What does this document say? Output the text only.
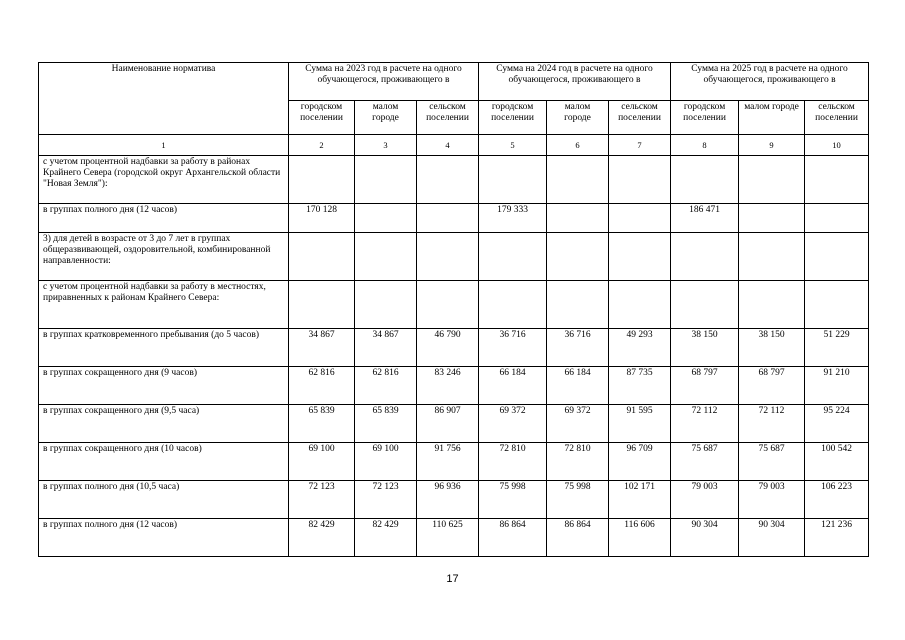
Наименование норматива	Сумма на 2023 год в расчете на одного обучающегося, проживающего в			Сумма на 2024 год в расчете на одного обучающегося, проживающего в			Сумма на 2025 год в расчете на одного обучающегося, проживающего в		
	городском поселении	малом городе	сельском поселении	городском поселении	малом городе	сельском поселении	городском поселении	малом городе	сельском поселении
1	2	3	4	5	6	7	8	9	10
с учетом процентной надбавки за работу в районах Крайнего Севера (городской округ Архангельской области "Новая Земля"):									
в группах полного дня (12 часов)	170 128			179 333			186 471		
3) для детей в возрасте от 3 до 7 лет в группах общеразвивающей, оздоровительной, комбинированной направленности:									
с учетом процентной надбавки за работу в местностях, приравненных к районам Крайнего Севера:									
в группах кратковременного пребывания (до 5 часов)	34 867	34 867	46 790	36 716	36 716	49 293	38 150	38 150	51 229
в группах сокращенного дня (9 часов)	62 816	62 816	83 246	66 184	66 184	87 735	68 797	68 797	91 210
в группах сокращенного дня (9,5 часа)	65 839	65 839	86 907	69 372	69 372	91 595	72 112	72 112	95 224
в группах сокращенного дня (10 часов)	69 100	69 100	91 756	72 810	72 810	96 709	75 687	75 687	100 542
в группах полного дня (10,5 часа)	72 123	72 123	96 936	75 998	75 998	102 171	79 003	79 003	106 223
в группах полного дня (12 часов)	82 429	82 429	110 625	86 864	86 864	116 606	90 304	90 304	121 236
17
